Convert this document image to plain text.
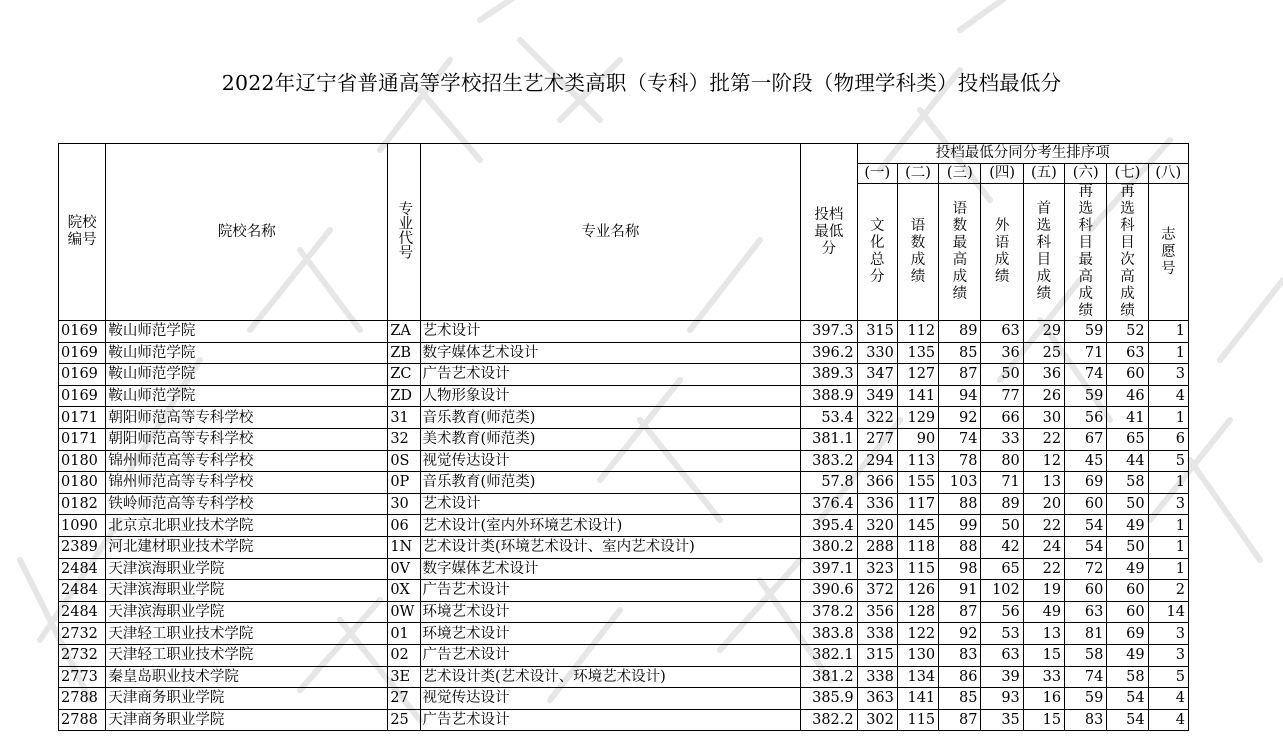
2022年辽宁省普通高等学校招生艺术类高职（专科）批第一阶段（物理学科类）投档最低分
院校编号	院校名称	专业代号	专业名称	投档最低分	投档最低分同分考生排序项							
					(一)	(二)	(三)	(四)	(五)	(六)	(七)	(八)
					文化总分	语数成绩	语数最高成绩	外语成绩	首选科目成绩	再选科目最高成绩	再选科目次高成绩	志愿号
0169	鞍山师范学院	ZA	艺术设计	397.3	315	112	89	63	29	59	52	1
0169	鞍山师范学院	ZB	数字媒体艺术设计	396.2	330	135	85	36	25	71	63	1
0169	鞍山师范学院	ZC	广告艺术设计	389.3	347	127	87	50	36	74	60	3
0169	鞍山师范学院	ZD	人物形象设计	388.9	349	141	94	77	26	59	46	4
0171	朝阳师范高等专科学校	31	音乐教育(师范类)	53.4	322	129	92	66	30	56	41	1
0171	朝阳师范高等专科学校	32	美术教育(师范类)	381.1	277	90	74	33	22	67	65	6
0180	锦州师范高等专科学校	0S	视觉传达设计	383.2	294	113	78	80	12	45	44	5
0180	锦州师范高等专科学校	0P	音乐教育(师范类)	57.8	366	155	103	71	13	69	58	1
0182	铁岭师范高等专科学校	30	艺术设计	376.4	336	117	88	89	20	60	50	3
1090	北京京北职业技术学院	06	艺术设计(室内外环境艺术设计)	395.4	320	145	99	50	22	54	49	1
2389	河北建材职业技术学院	1N	艺术设计类(环境艺术设计、室内艺术设计)	380.2	288	118	88	42	24	54	50	1
2484	天津滨海职业学院	0V	数字媒体艺术设计	397.1	323	115	98	65	22	72	49	1
2484	天津滨海职业学院	0X	广告艺术设计	390.6	372	126	91	102	19	60	60	2
2484	天津滨海职业学院	0W	环境艺术设计	378.2	356	128	87	56	49	63	60	14
2732	天津轻工职业技术学院	01	环境艺术设计	383.8	338	122	92	53	13	81	69	3
2732	天津轻工职业技术学院	02	广告艺术设计	382.1	315	130	83	63	15	58	49	3
2773	秦皇岛职业技术学院	3E	艺术设计类(艺术设计、环境艺术设计)	381.2	338	134	86	39	33	74	58	5
2788	天津商务职业学院	27	视觉传达设计	385.9	363	141	85	93	16	59	54	4
2788	天津商务职业学院	25	广告艺术设计	382.2	302	115	87	35	15	83	54	4
